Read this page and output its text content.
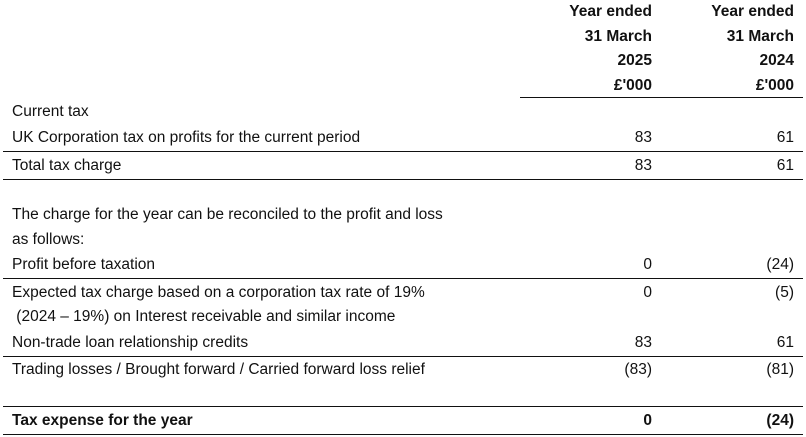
Year ended
31 March
2025
£'000
Year ended
31 March
2024
£'000
Current tax
UK Corporation tax on profits for the current period	83	61
Total tax charge	83	61
The charge for the year can be reconciled to the profit and loss
as follows:
Profit before taxation	0	(24)
Expected tax charge based on a corporation tax rate of 19%	0	(5)
(2024 – 19%) on Interest receivable and similar income
Non-trade loan relationship credits	83	61
Trading losses / Brought forward / Carried forward loss relief	(83)	(81)
Tax expense for the year	0	(24)
